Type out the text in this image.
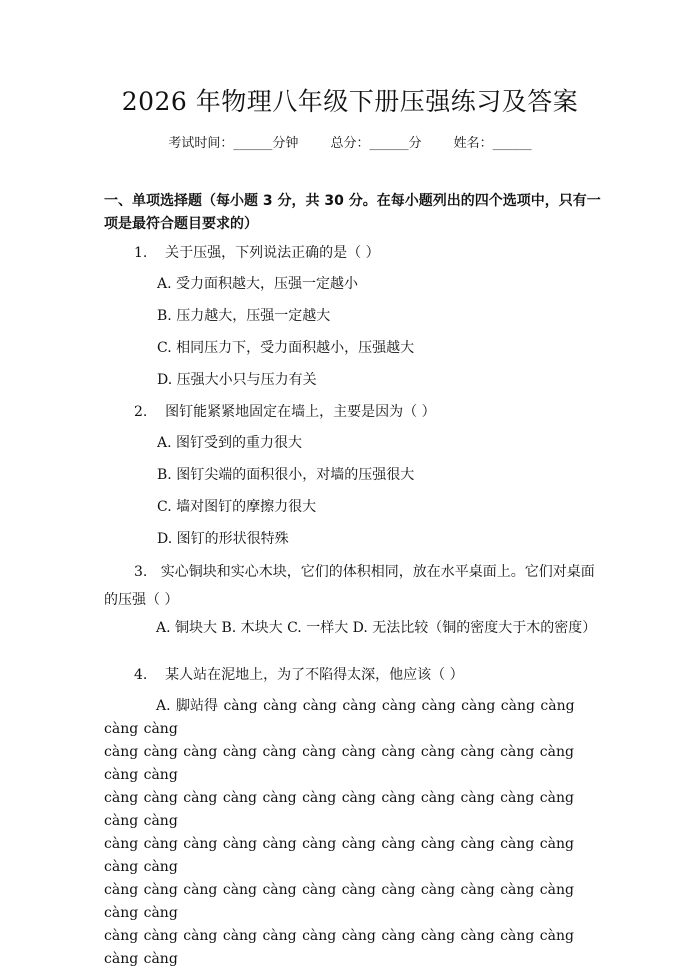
2026 年物理八年级下册压强练习及答案
考试时间：______分钟 总分：______分 姓名：______
一、单项选择题（每小题 3 分，共 30 分。在每小题列出的四个选项中，只有一项是最符合题目要求的）
1. 关于压强，下列说法正确的是（ ）
A. 受力面积越大，压强一定越小
B. 压力越大，压强一定越大
C. 相同压力下，受力面积越小，压强越大
D. 压强大小只与压力有关
2. 图钉能紧紧地固定在墙上，主要是因为（ ）
A. 图钉受到的重力很大
B. 图钉尖端的面积很小，对墙的压强很大
C. 墙对图钉的摩擦力很大
D. 图钉的形状很特殊
3. 实心铜块和实心木块，它们的体积相同，放在水平桌面上。它们对桌面的压强（ ）
A. 铜块大 B. 木块大 C. 一样大 D. 无法比较（铜的密度大于木的密度）
4. 某人站在泥地上，为了不陷得太深，他应该（ ）
A. 脚站得 càng càng càng càng càng càng càng càng càng càng càng
càng càng càng càng càng càng càng càng càng càng càng càng càng càng
càng càng càng càng càng càng càng càng càng càng càng càng càng càng
càng càng càng càng càng càng càng càng càng càng càng càng càng càng
càng càng càng càng càng càng càng càng càng càng càng càng càng càng
càng càng càng càng càng càng càng càng càng càng càng càng càng càng
